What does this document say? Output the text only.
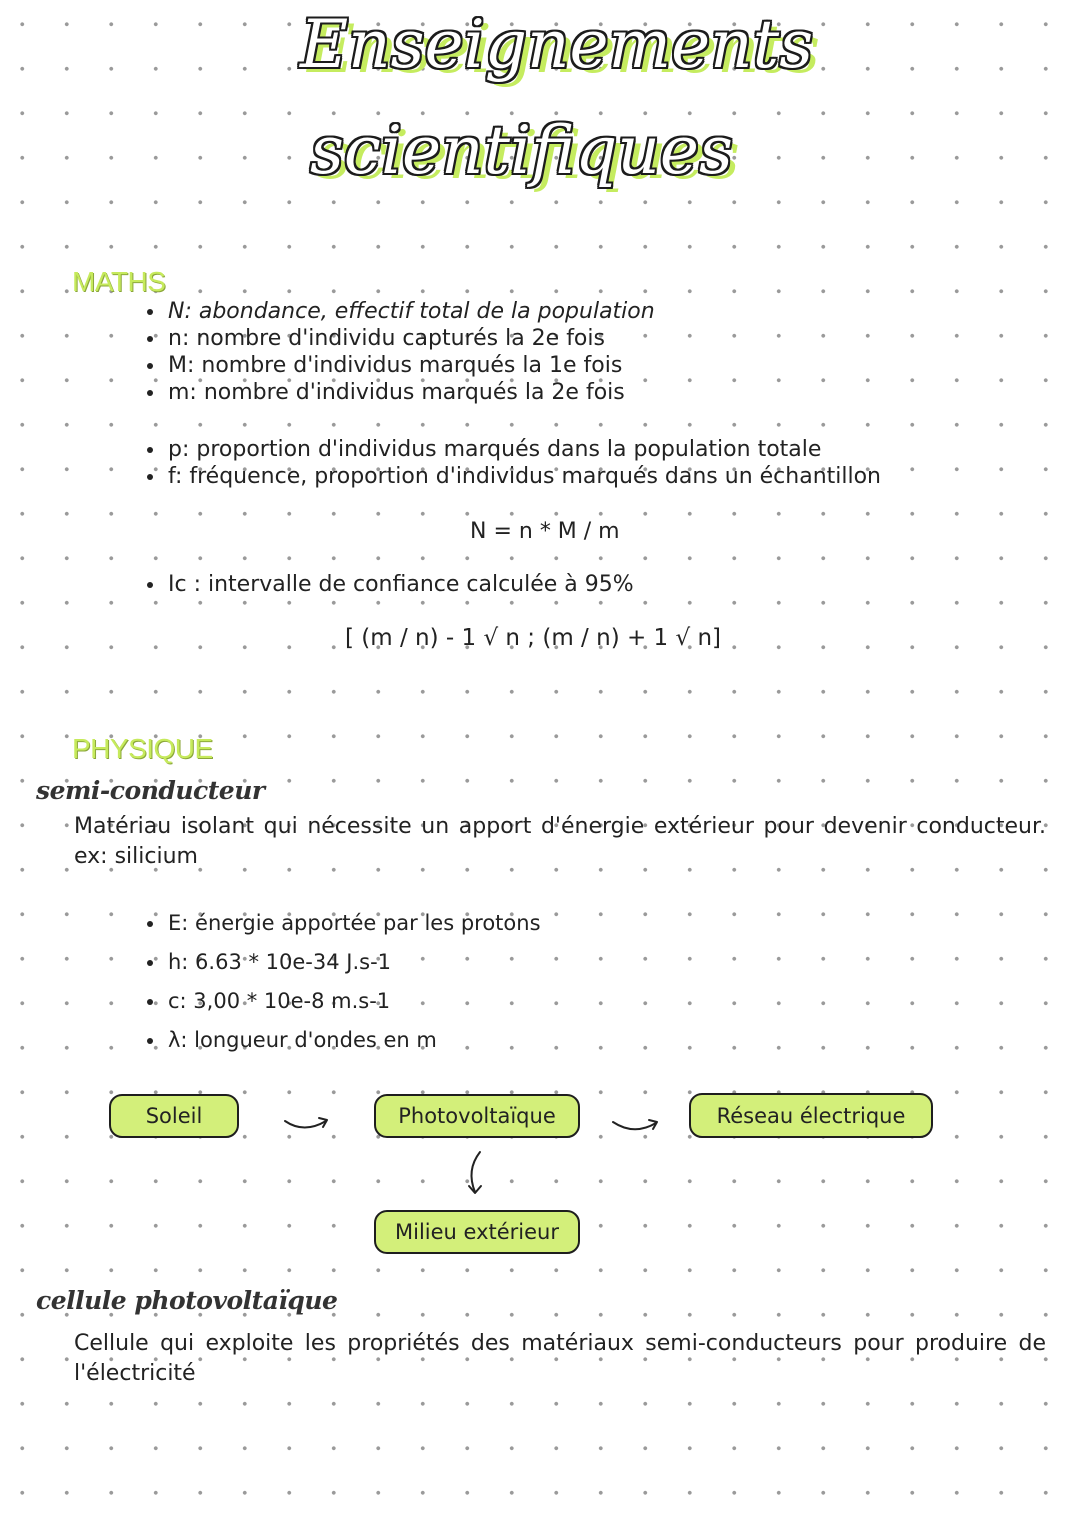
Enseignements
scientifiques
MATHS
• N: abondance, effectif total de la population
• n: nombre d'individu capturés la 2e fois
• M: nombre d'individus marqués la 1e fois
• m: nombre d'individus marqués la 2e fois
• p: proportion d'individus marqués dans la population totale
• f: fréquence, proportion d'individus marqués dans un échantillon
N = n * M / m
• Ic : intervalle de confiance calculée à 95%
[ (m / n) - 1 √ n ; (m / n) + 1 √ n]
PHYSIQUE
semi-conducteur
Matériau isolant qui nécessite un apport d'énergie extérieur pour devenir conducteur. ex: silicium
• E: énergie apportée par les protons
• h: 6.63 * 10e-34 J.s-1
• c: 3,00 * 10e-8 m.s-1
• λ: longueur d'ondes en m
Soleil	Photovoltaïque	Réseau électrique
Milieu extérieur
cellule photovoltaïque
Cellule qui exploite les propriétés des matériaux semi-conducteurs pour produire de l'électricité
